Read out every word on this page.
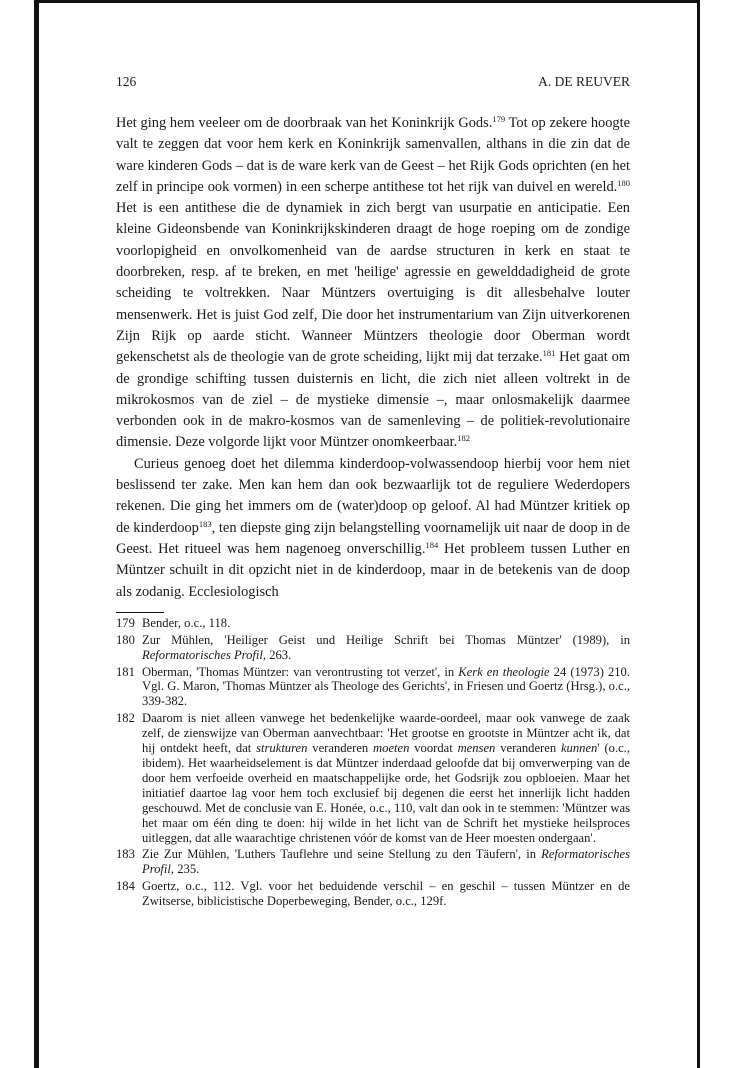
126	A. DE REUVER

Het ging hem veeleer om de doorbraak van het Koninkrijk Gods.$^{179}$ Tot op zekere hoogte valt te zeggen dat voor hem kerk en Koninkrijk samenvallen, althans in die zin dat de ware kinderen Gods – dat is de ware kerk van de Geest – het Rijk Gods oprichten (en het zelf in principe ook vormen) in een scherpe antithese tot het rijk van duivel en wereld.$^{180}$ Het is een antithese die de dynamiek in zich bergt van usurpatie en anticipatie. Een kleine Gideonsbende van Koninkrijkskinderen draagt de hoge roeping om de zondige voorlopigheid en onvolkomenheid van de aardse structuren in kerk en staat te doorbreken, resp. af te breken, en met 'heilige' agressie en gewelddadigheid de grote scheiding te voltrekken. Naar Müntzers overtuiging is dit allesbehalve louter mensenwerk. Het is juist God zelf, Die door het instrumentarium van Zijn uitverkorenen Zijn Rijk op aarde sticht. Wanneer Müntzers theologie door Oberman wordt gekenschetst als de theologie van de grote scheiding, lijkt mij dat terzake.$^{181}$ Het gaat om de grondige schifting tussen duisternis en licht, die zich niet alleen voltrekt in de mikrokosmos van de ziel – de mystieke dimensie –, maar onlosmakelijk daarmee verbonden ook in de makro-kosmos van de samenleving – de politiek-revolutionaire dimensie. Deze volgorde lijkt voor Müntzer onomkeerbaar.$^{182}$

Curieus genoeg doet het dilemma kinderdoop-volwassendoop hierbij voor hem niet beslissend ter zake. Men kan hem dan ook bezwaarlijk tot de reguliere Wederdopers rekenen. Die ging het immers om de (water)doop op geloof. Al had Müntzer kritiek op de kinderdoop$^{183}$, ten diepste ging zijn belangstelling voornamelijk uit naar de doop in de Geest. Het ritueel was hem nagenoeg onverschillig.$^{184}$ Het probleem tussen Luther en Müntzer schuilt in dit opzicht niet in de kinderdoop, maar in de betekenis van de doop als zodanig. Ecclesiologisch

179 Bender, o.c., 118.
180 Zur Mühlen, 'Heiliger Geist und Heilige Schrift bei Thomas Müntzer' (1989), in Reformatorisches Profil, 263.
181 Oberman, 'Thomas Müntzer: van verontrusting tot verzet', in Kerk en theologie 24 (1973) 210. Vgl. G. Maron, 'Thomas Müntzer als Theologe des Gerichts', in Friesen und Goertz (Hrsg.), o.c., 339-382.
182 Daarom is niet alleen vanwege het bedenkelijke waarde-oordeel, maar ook vanwege de zaak zelf, de zienswijze van Oberman aanvechtbaar: 'Het grootse en grootste in Müntzer acht ik, dat hij ontdekt heeft, dat strukturen veranderen moeten voordat mensen veranderen kunnen' (o.c., ibidem). Het waarheidselement is dat Müntzer inderdaad geloofde dat bij omverwerping van de door hem verfoeide overheid en maatschappelijke orde, het Godsrijk zou opbloeien. Maar het initiatief daartoe lag voor hem toch exclusief bij degenen die eerst het innerlijk licht hadden geschouwd. Met de conclusie van E. Honée, o.c., 110, valt dan ook in te stemmen: 'Müntzer was het maar om één ding te doen: hij wilde in het licht van de Schrift het mystieke heilsproces uitleggen, dat alle waarachtige christenen vóór de komst van de Heer moesten ondergaan'.
183 Zie Zur Mühlen, 'Luthers Tauflehre und seine Stellung zu den Täufern', in Reformatorisches Profil, 235.
184 Goertz, o.c., 112. Vgl. voor het beduidende verschil – en geschil – tussen Müntzer en de Zwitserse, biblicistische Doperbeweging, Bender, o.c., 129f.
